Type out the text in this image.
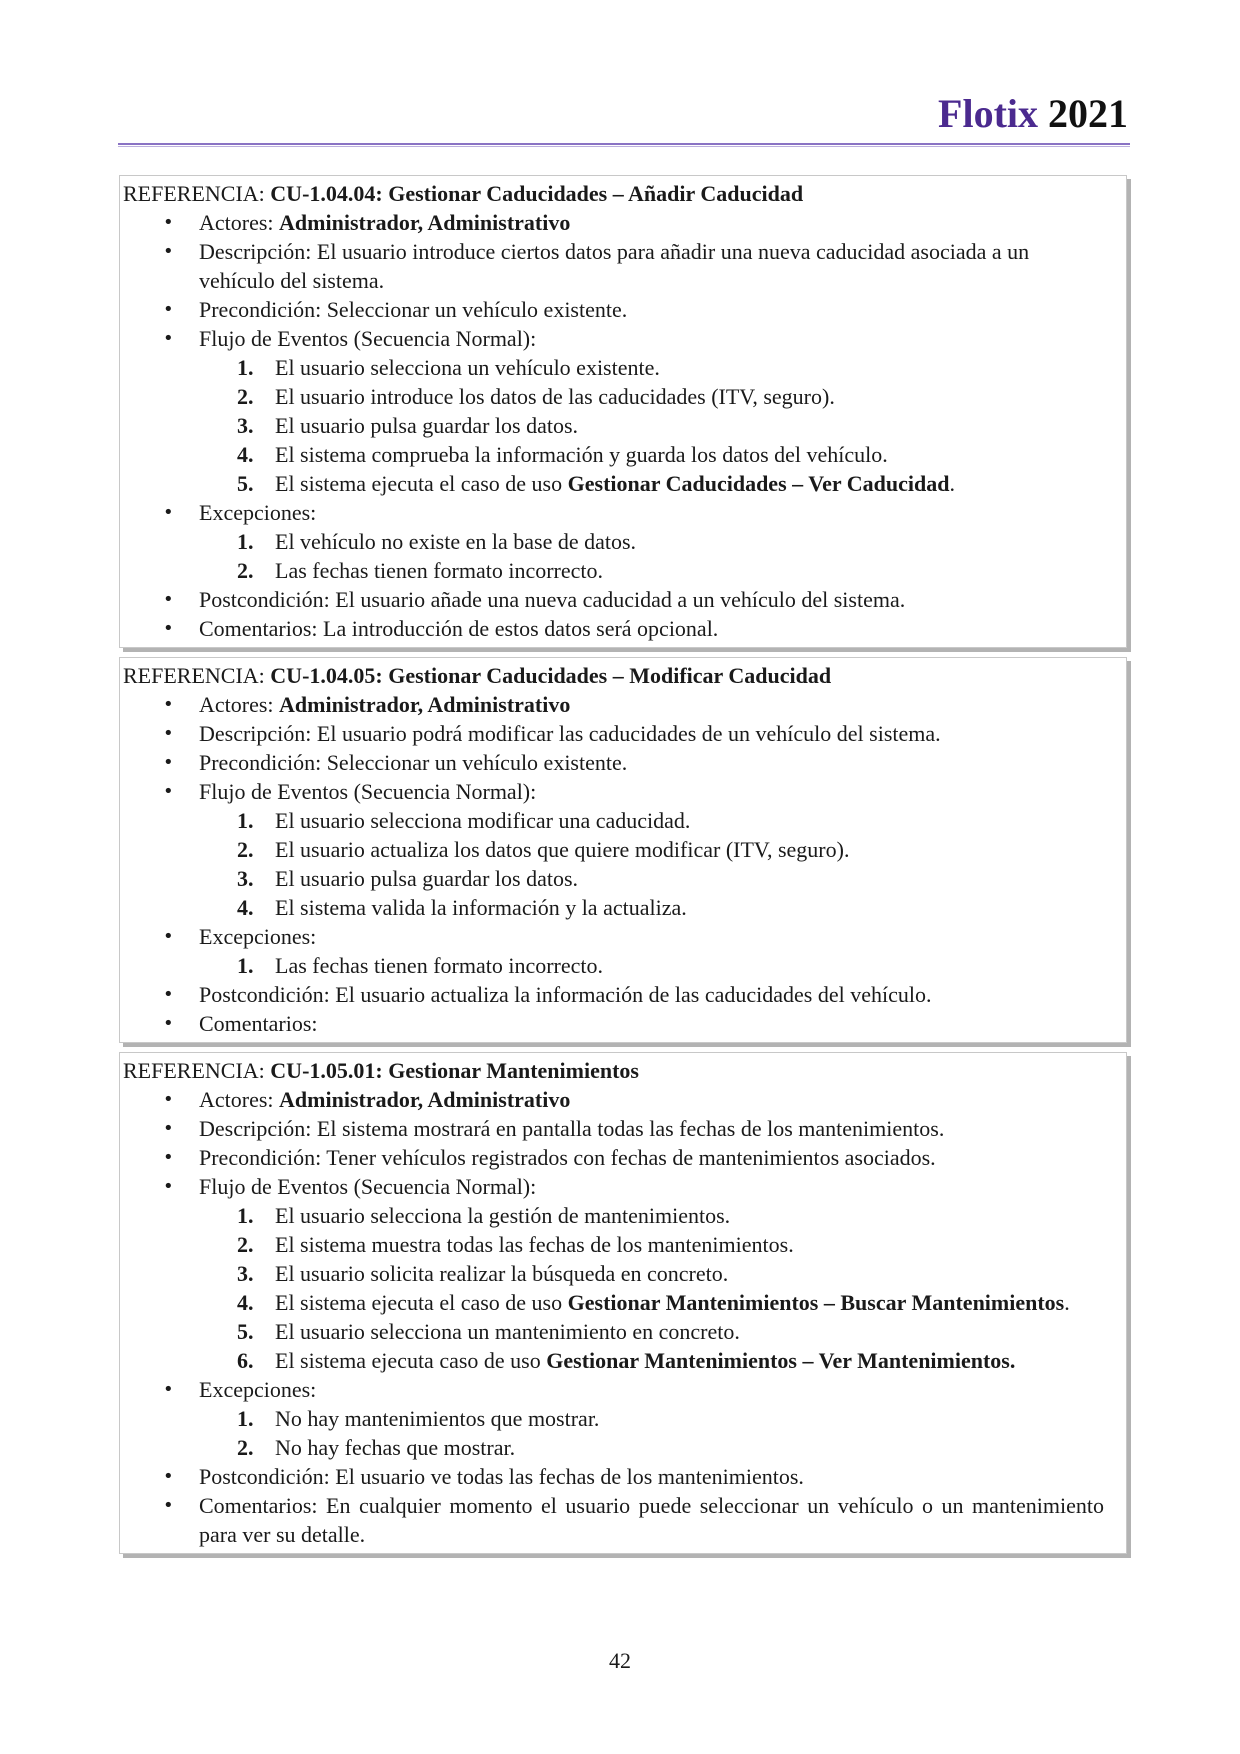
Flotix 2021

REFERENCIA: CU-1.04.04: Gestionar Caducidades – Añadir Caducidad

• Actores: Administrador, Administrativo
• Descripción: El usuario introduce ciertos datos para añadir una nueva caducidad asociada a un vehículo del sistema.
• Precondición: Seleccionar un vehículo existente.
• Flujo de Eventos (Secuencia Normal):
1. El usuario selecciona un vehículo existente.
2. El usuario introduce los datos de las caducidades (ITV, seguro).
3. El usuario pulsa guardar los datos.
4. El sistema comprueba la información y guarda los datos del vehículo.
5. El sistema ejecuta el caso de uso Gestionar Caducidades – Ver Caducidad.
• Excepciones:
1. El vehículo no existe en la base de datos.
2. Las fechas tienen formato incorrecto.
• Postcondición: El usuario añade una nueva caducidad a un vehículo del sistema.
• Comentarios: La introducción de estos datos será opcional.

REFERENCIA: CU-1.04.05: Gestionar Caducidades – Modificar Caducidad

• Actores: Administrador, Administrativo
• Descripción: El usuario podrá modificar las caducidades de un vehículo del sistema.
• Precondición: Seleccionar un vehículo existente.
• Flujo de Eventos (Secuencia Normal):
1. El usuario selecciona modificar una caducidad.
2. El usuario actualiza los datos que quiere modificar (ITV, seguro).
3. El usuario pulsa guardar los datos.
4. El sistema valida la información y la actualiza.
• Excepciones:
1. Las fechas tienen formato incorrecto.
• Postcondición: El usuario actualiza la información de las caducidades del vehículo.
• Comentarios:

REFERENCIA: CU-1.05.01: Gestionar Mantenimientos

• Actores: Administrador, Administrativo
• Descripción: El sistema mostrará en pantalla todas las fechas de los mantenimientos.
• Precondición: Tener vehículos registrados con fechas de mantenimientos asociados.
• Flujo de Eventos (Secuencia Normal):
1. El usuario selecciona la gestión de mantenimientos.
2. El sistema muestra todas las fechas de los mantenimientos.
3. El usuario solicita realizar la búsqueda en concreto.
4. El sistema ejecuta el caso de uso Gestionar Mantenimientos – Buscar Mantenimientos.
5. El usuario selecciona un mantenimiento en concreto.
6. El sistema ejecuta caso de uso Gestionar Mantenimientos – Ver Mantenimientos.
• Excepciones:
1. No hay mantenimientos que mostrar.
2. No hay fechas que mostrar.
• Postcondición: El usuario ve todas las fechas de los mantenimientos.
• Comentarios: En cualquier momento el usuario puede seleccionar un vehículo o un mantenimiento para ver su detalle.
42
